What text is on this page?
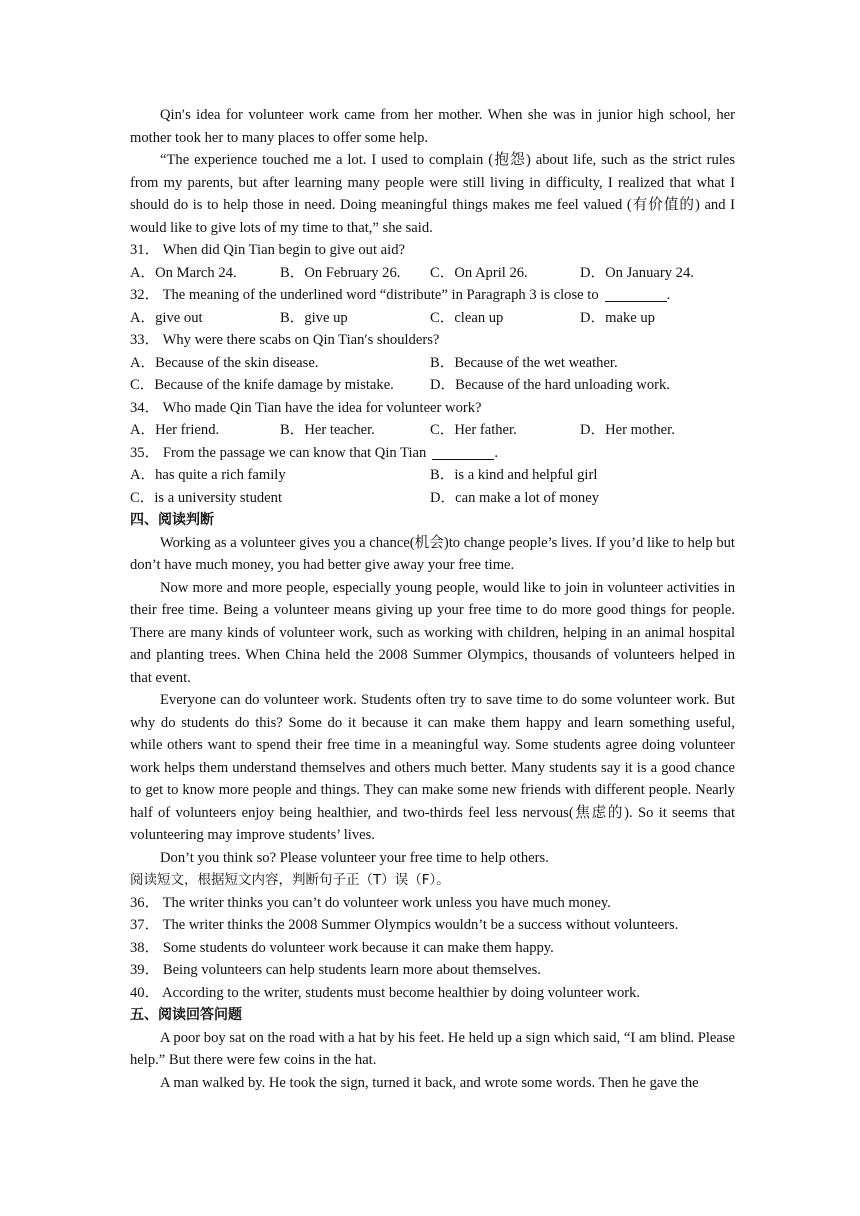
Qin′s idea for volunteer work came from her mother. When she was in junior high school, her mother took her to many places to offer some help.

“The experience touched me a lot. I used to complain (抱怨) about life, such as the strict rules from my parents, but after learning many people were still living in difficulty, I realized that what I should do is to help those in need. Doing meaningful things makes me feel valued (有价值的) and I would like to give lots of my time to that,” she said.

31． When did Qin Tian begin to give out aid?

A．On March 24.	B．On February 26.	C．On April 26.	D．On January 24.

32． The meaning of the underlined word “distribute” in Paragraph 3 is close to	.

A．give out	B．give up	C．clean up	D．make up

33． Why were there scabs on Qin Tian′s shoulders?

A．Because of the skin disease.	B．Because of the wet weather.
C．Because of the knife damage by mistake.	D．Because of the hard unloading work.

34． Who made Qin Tian have the idea for volunteer work?

A．Her friend.	B．Her teacher.	C．Her father.	D．Her mother.

35． From the passage we can know that Qin Tian	.

A．has quite a rich family	B．is a kind and helpful girl
C．is a university student	D．can make a lot of money

四、阅读判断

Working as a volunteer gives you a chance(机会)to change people’s lives. If you’d like to help but don’t have much money, you had better give away your free time.

Now more and more people, especially young people, would like to join in volunteer activities in their free time. Being a volunteer means giving up your free time to do more good things for people. There are many kinds of volunteer work, such as working with children, helping in an animal hospital and planting trees. When China held the 2008 Summer Olympics, thousands of volunteers helped in that event.

Everyone can do volunteer work. Students often try to save time to do some volunteer work. But why do students do this? Some do it because it can make them happy and learn something useful, while others want to spend their free time in a meaningful way. Some students agree doing volunteer work helps them understand themselves and others much better. Many students say it is a good chance to get to know more people and things. They can make some new friends with different people. Nearly half of volunteers enjoy being healthier, and two-thirds feel less nervous(焦虑的). So it seems that volunteering may improve students’ lives.

Don’t you think so? Please volunteer your free time to help others.

阅读短文，根据短文内容，判断句子正（T）误（F）。

36． The writer thinks you can’t do volunteer work unless you have much money.

37． The writer thinks the 2008 Summer Olympics wouldn’t be a success without volunteers.

38． Some students do volunteer work because it can make them happy.

39． Being volunteers can help students learn more about themselves.

40． According to the writer, students must become healthier by doing volunteer work.

五、阅读回答问题

A poor boy sat on the road with a hat by his feet. He held up a sign which said, “I am blind. Please help.” But there were few coins in the hat.

A man walked by. He took the sign, turned it back, and wrote some words. Then he gave the
